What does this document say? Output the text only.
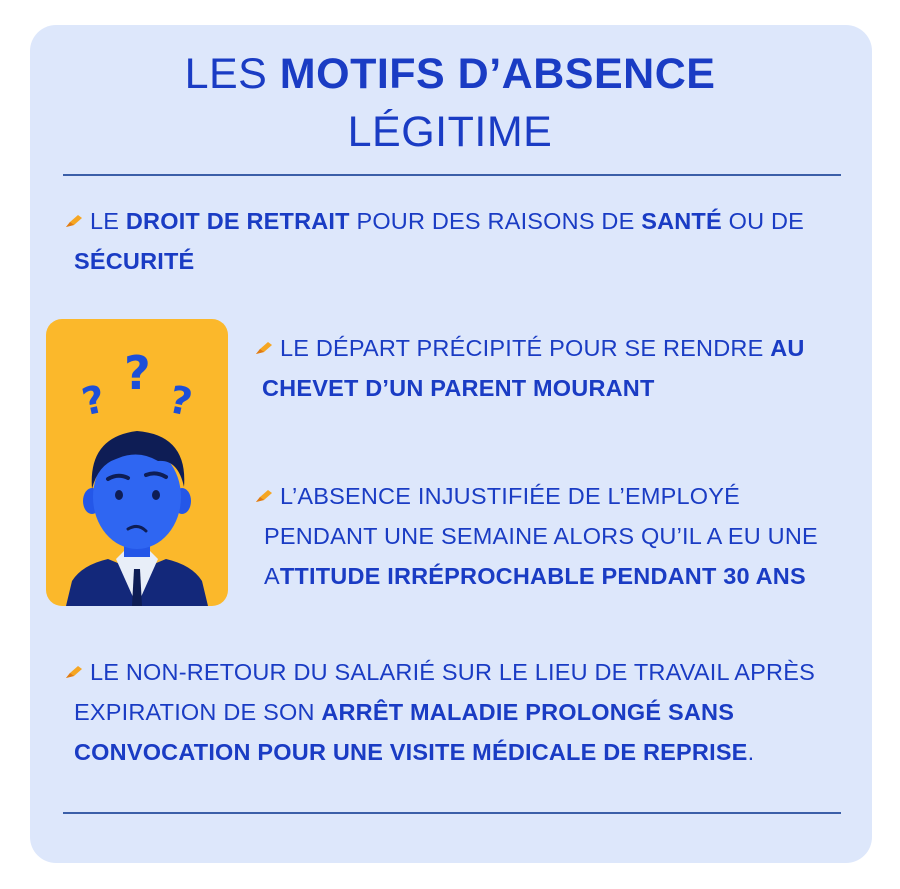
LES MOTIFS D’ABSENCE
LÉGITIME
?
?
?
LE DROIT DE RETRAIT POUR DES RAISONS DE SANTÉ OU DE
SÉCURITÉ
LE DÉPART PRÉCIPITÉ POUR SE RENDRE AU
CHEVET D’UN PARENT MOURANT
L’ABSENCE INJUSTIFIÉE DE L’EMPLOYÉ
PENDANT UNE SEMAINE ALORS QU’IL A EU UNE
ATTITUDE IRRÉPROCHABLE PENDANT 30 ANS
LE NON-RETOUR DU SALARIÉ SUR LE LIEU DE TRAVAIL APRÈS
EXPIRATION DE SON ARRÊT MALADIE PROLONGÉ SANS
CONVOCATION POUR UNE VISITE MÉDICALE DE REPRISE.
